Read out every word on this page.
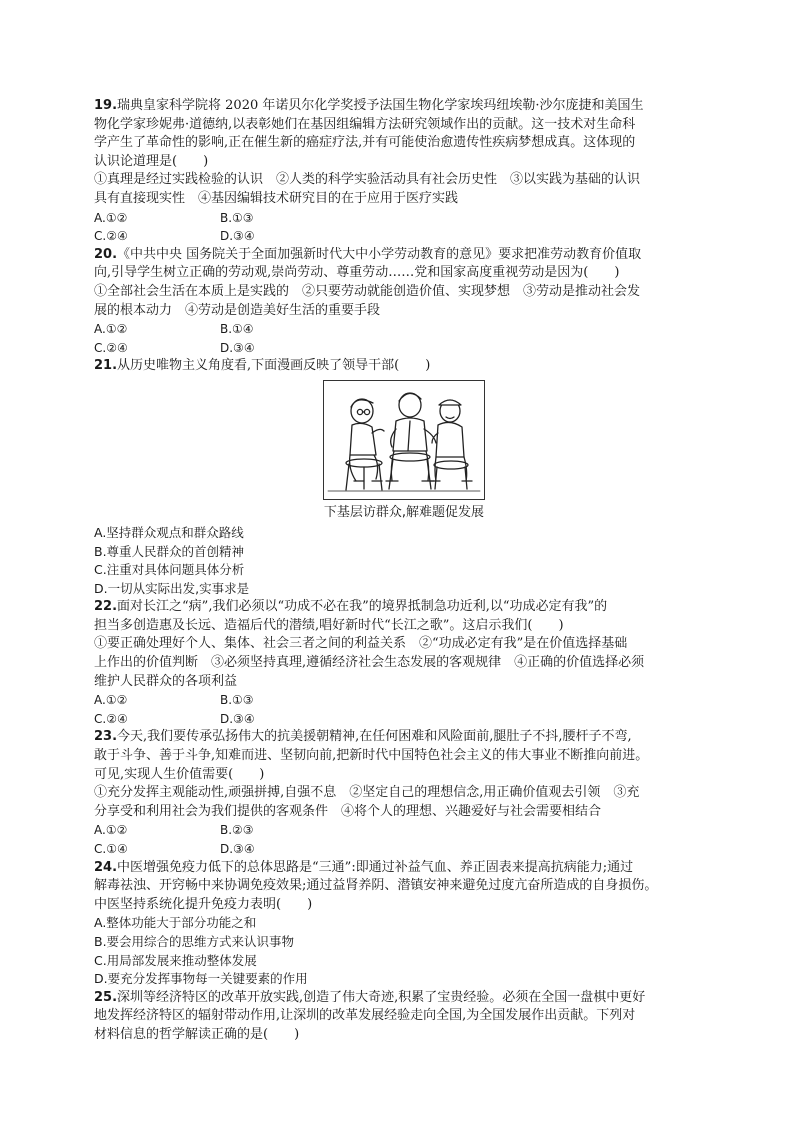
19.瑞典皇家科学院将 2020 年诺贝尔化学奖授予法国生物化学家埃玛纽埃勒·沙尔庞捷和美国生
物化学家珍妮弗·道德纳,以表彰她们在基因组编辑方法研究领域作出的贡献。这一技术对生命科
学产生了革命性的影响,正在催生新的癌症疗法,并有可能使治愈遗传性疾病梦想成真。这体现的
认识论道理是(　　)
①真理是经过实践检验的认识　②人类的科学实验活动具有社会历史性　③以实践为基础的认识
具有直接现实性　④基因编辑技术研究目的在于应用于医疗实践
A.①②	B.①③
C.②④	D.③④
20.《中共中央 国务院关于全面加强新时代大中小学劳动教育的意见》要求把准劳动教育价值取
向,引导学生树立正确的劳动观,崇尚劳动、尊重劳动……党和国家高度重视劳动是因为(　　)
①全部社会生活在本质上是实践的　②只要劳动就能创造价值、实现梦想　③劳动是推动社会发
展的根本动力　④劳动是创造美好生活的重要手段
A.①②	B.①④
C.②④	D.③④
21.从历史唯物主义角度看,下面漫画反映了领导干部(　　)
下基层访群众,解难题促发展
A.坚持群众观点和群众路线
B.尊重人民群众的首创精神
C.注重对具体问题具体分析
D.一切从实际出发,实事求是
22.面对长江之“病”,我们必须以“功成不必在我”的境界抵制急功近利,以“功成必定有我”的
担当多创造惠及长远、造福后代的潜绩,唱好新时代“长江之歌”。这启示我们(　　)
①要正确处理好个人、集体、社会三者之间的利益关系　②“功成必定有我”是在价值选择基础
上作出的价值判断　③必须坚持真理,遵循经济社会生态发展的客观规律　④正确的价值选择必须
维护人民群众的各项利益
A.①②	B.①③
C.②④	D.③④
23.今天,我们要传承弘扬伟大的抗美援朝精神,在任何困难和风险面前,腿肚子不抖,腰杆子不弯,
敢于斗争、善于斗争,知难而进、坚韧向前,把新时代中国特色社会主义的伟大事业不断推向前进。
可见,实现人生价值需要(　　)
①充分发挥主观能动性,顽强拼搏,自强不息　②坚定自己的理想信念,用正确价值观去引领　③充
分享受和利用社会为我们提供的客观条件　④将个人的理想、兴趣爱好与社会需要相结合
A.①②	B.②③
C.①④	D.③④
24.中医增强免疫力低下的总体思路是“三通”:即通过补益气血、养正固表来提高抗病能力;通过
解毒祛浊、开窍畅中来协调免疫效果;通过益肾养阴、潜镇安神来避免过度亢奋所造成的自身损伤。
中医坚持系统化提升免疫力表明(　　)
A.整体功能大于部分功能之和
B.要会用综合的思维方式来认识事物
C.用局部发展来推动整体发展
D.要充分发挥事物每一关键要素的作用
25.深圳等经济特区的改革开放实践,创造了伟大奇迹,积累了宝贵经验。必须在全国一盘棋中更好
地发挥经济特区的辐射带动作用,让深圳的改革发展经验走向全国,为全国发展作出贡献。下列对
材料信息的哲学解读正确的是(　　)
